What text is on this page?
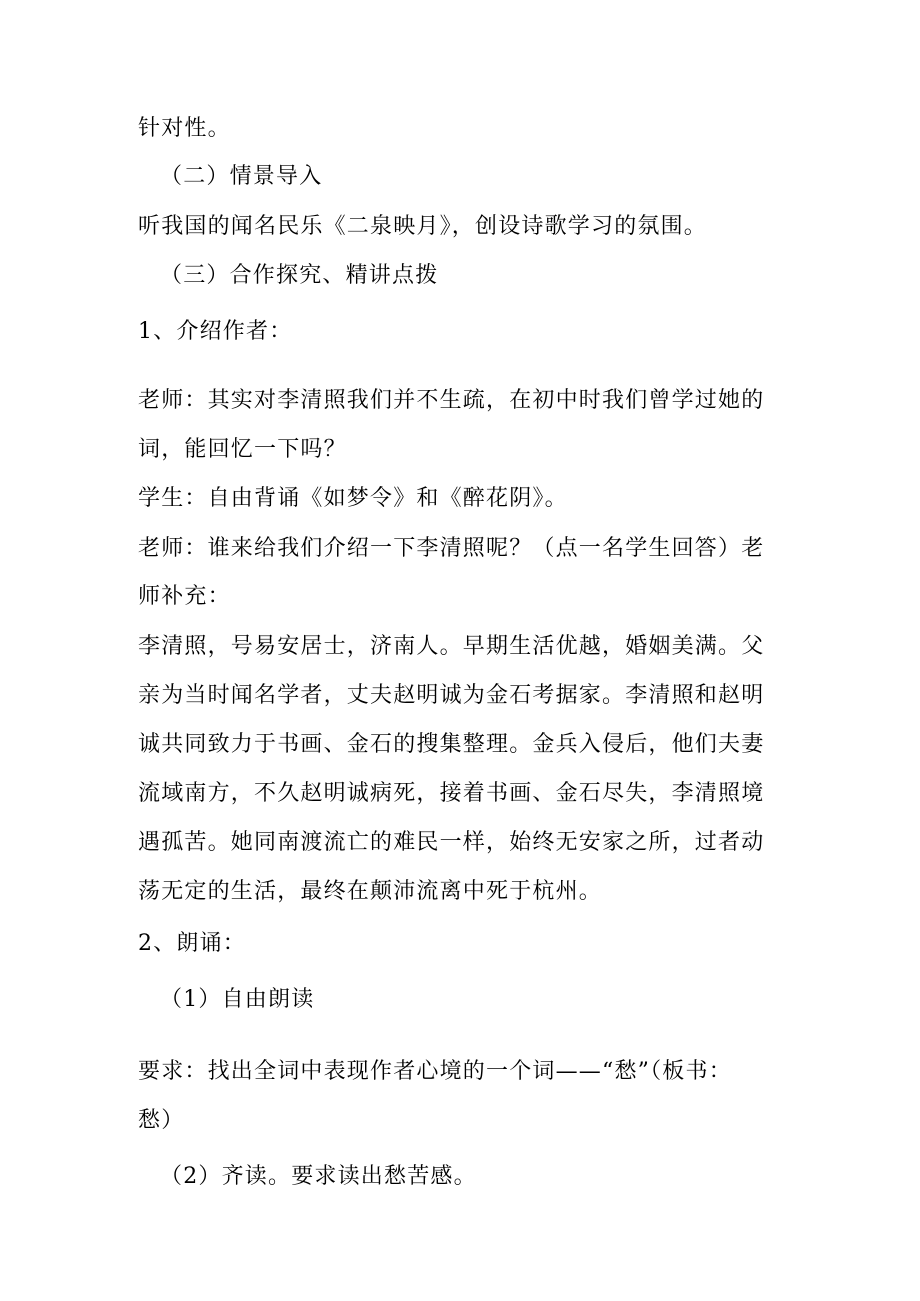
针对性。
（二）情景导入
听我国的闻名民乐《二泉映月》，创设诗歌学习的氛围。
（三）合作探究、精讲点拨
1、介绍作者：
老师：其实对李清照我们并不生疏，在初中时我们曾学过她的
词，能回忆一下吗？
学生：自由背诵《如梦令》和《醉花阴》。
老师：谁来给我们介绍一下李清照呢？（点一名学生回答）老
师补充：
李清照，号易安居士，济南人。早期生活优越，婚姻美满。父
亲为当时闻名学者，丈夫赵明诚为金石考据家。李清照和赵明
诚共同致力于书画、金石的搜集整理。金兵入侵后，他们夫妻
流域南方，不久赵明诚病死，接着书画、金石尽失，李清照境
遇孤苦。她同南渡流亡的难民一样，始终无安家之所，过者动
荡无定的生活，最终在颠沛流离中死于杭州。
2、朗诵：
（1）自由朗读
要求：找出全词中表现作者心境的一个词——“愁”（板书：
愁）
（2）齐读。要求读出愁苦感。
